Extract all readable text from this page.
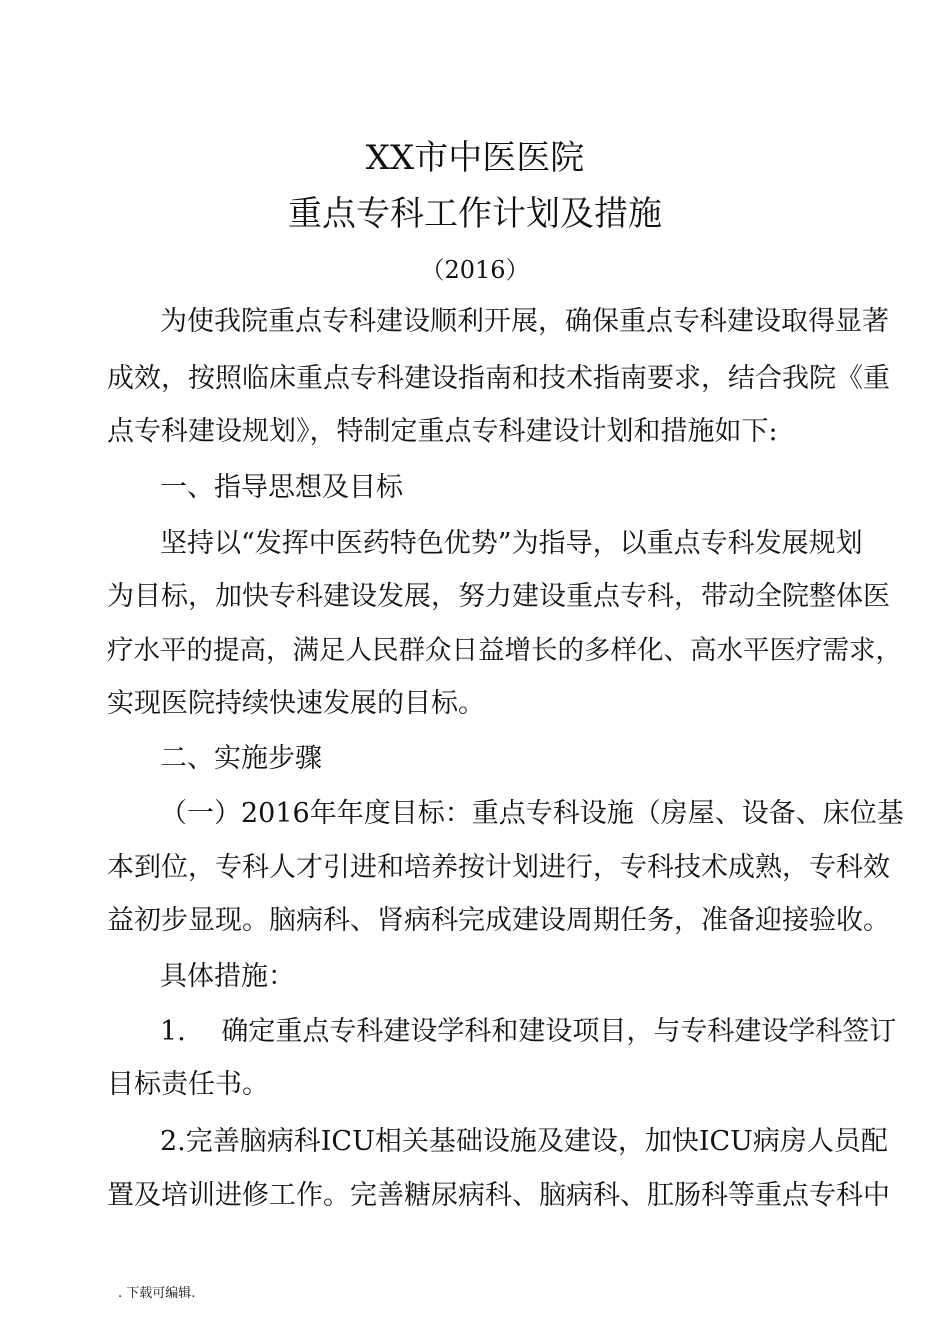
XX市中医医院
重点专科工作计划及措施
（2016）
为使我院重点专科建设顺利开展，确保重点专科建设取得显著
成效，按照临床重点专科建设指南和技术指南要求，结合我院《重
点专科建设规划》，特制定重点专科建设计划和措施如下:
一、指导思想及目标
坚持以“发挥中医药特色优势”为指导，以重点专科发展规划
为目标，加快专科建设发展，努力建设重点专科，带动全院整体医
疗水平的提高，满足人民群众日益增长的多样化、高水平医疗需求，
实现医院持续快速发展的目标。
二、实施步骤
（一）2016年年度目标：重点专科设施（房屋、设备、床位基
本到位，专科人才引进和培养按计划进行，专科技术成熟，专科效
益初步显现。脑病科、肾病科完成建设周期任务，准备迎接验收。
具体措施：
1.　 确定重点专科建设学科和建设项目，与专科建设学科签订
目标责任书。
2.完善脑病科ICU相关基础设施及建设，加快ICU病房人员配
置及培训进修工作。完善糖尿病科、脑病科、肛肠科等重点专科中
. 下载可编辑.
